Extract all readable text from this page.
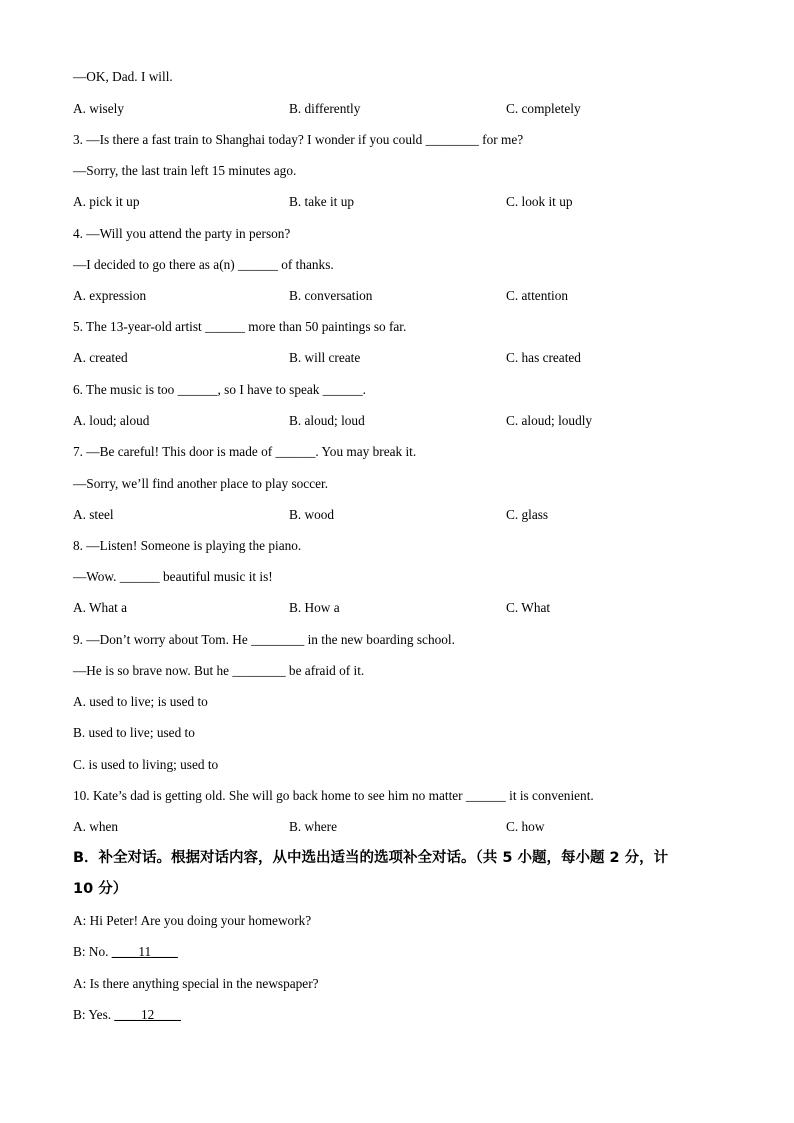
—OK, Dad. I will.
A. wisely	B. differently	C. completely
3. —Is there a fast train to Shanghai today? I wonder if you could ________ for me?
—Sorry, the last train left 15 minutes ago.
A. pick it up	B. take it up	C. look it up
4. —Will you attend the party in person?
—I decided to go there as a(n) ______ of thanks.
A. expression	B. conversation	C. attention
5. The 13-year-old artist ______ more than 50 paintings so far.
A. created	B. will create	C. has created
6. The music is too ______, so I have to speak ______.
A. loud; aloud	B. aloud; loud	C. aloud; loudly
7. —Be careful! This door is made of ______. You may break it.
—Sorry, we’ll find another place to play soccer.
A. steel	B. wood	C. glass
8. —Listen! Someone is playing the piano.
—Wow. ______ beautiful music it is!
A. What a	B. How a	C. What
9. —Don’t worry about Tom. He ________ in the new boarding school.
—He is so brave now. But he ________ be afraid of it.
A. used to live; is used to
B. used to live; used to
C. is used to living; used to
10. Kate’s dad is getting old. She will go back home to see him no matter ______ it is convenient.
A. when	B. where	C. how
B．补全对话。根据对话内容，从中选出适当的选项补全对话。（共 5 小题，每小题 2 分，计
10 分）
A: Hi Peter! Are you doing your homework?
B: No. ____11____
A: Is there anything special in the newspaper?
B: Yes. ____12____
